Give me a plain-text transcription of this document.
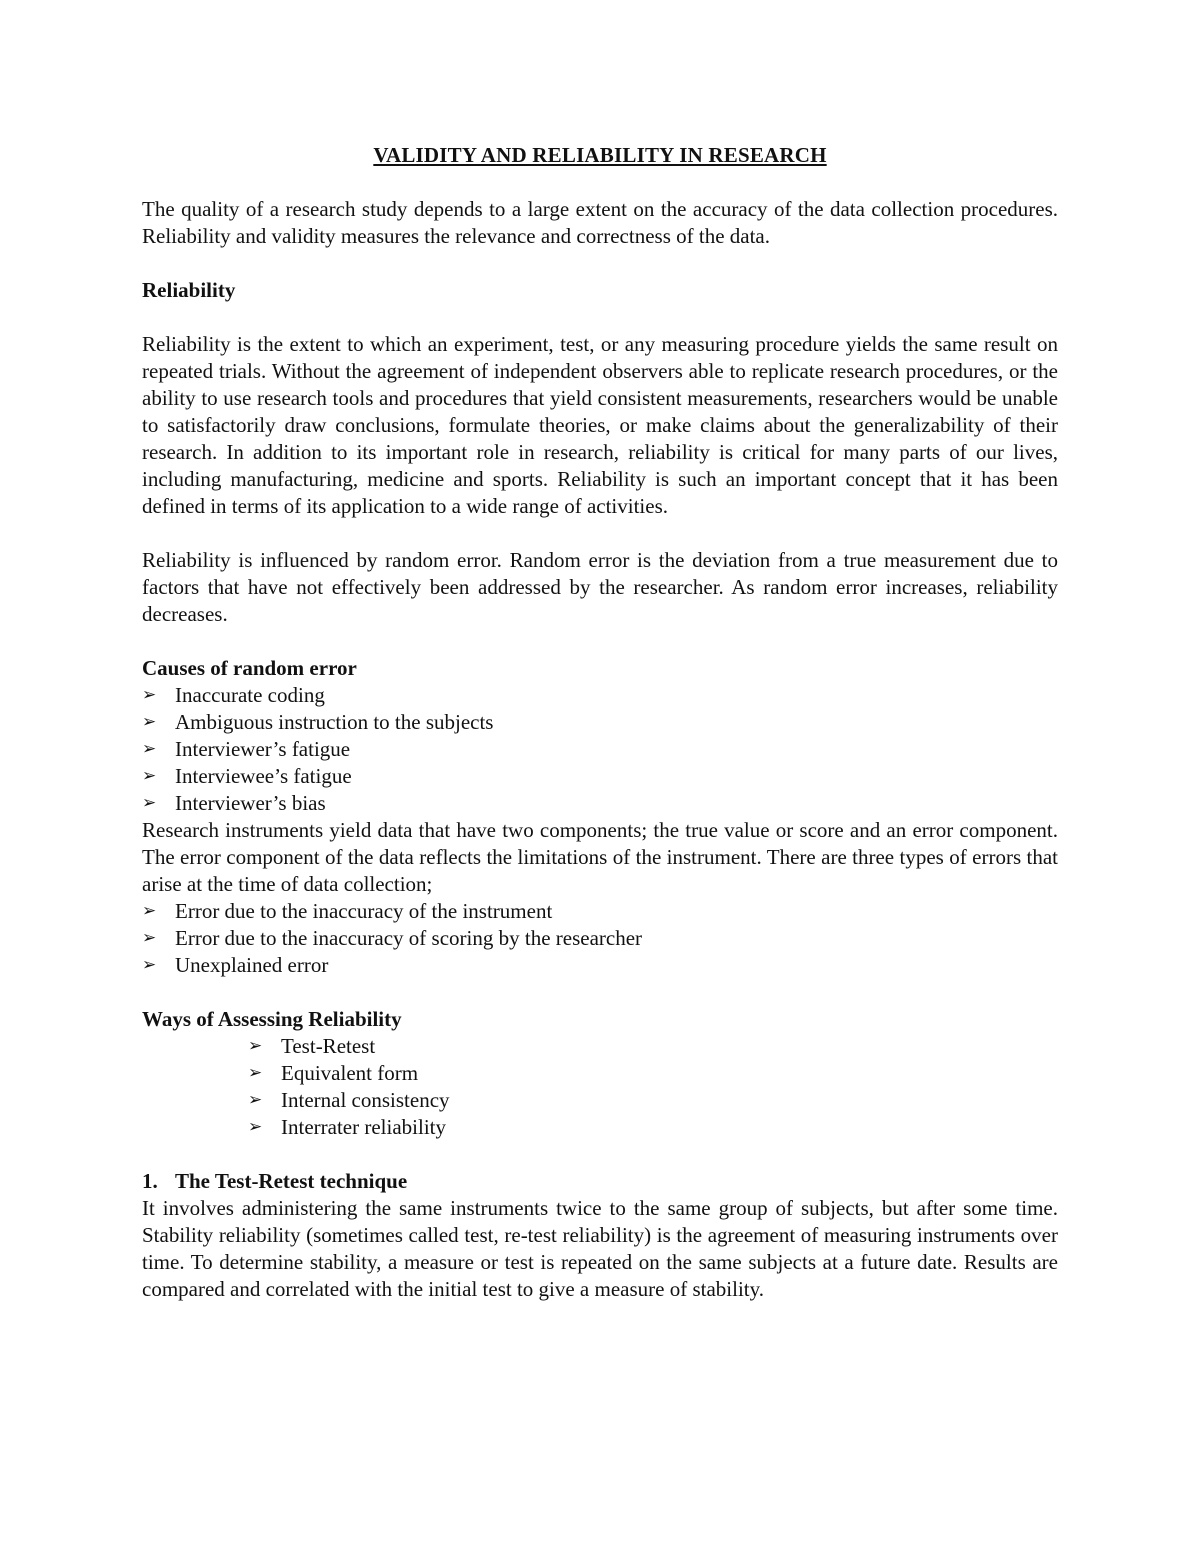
VALIDITY AND RELIABILITY IN RESEARCH

The quality of a research study depends to a large extent on the accuracy of the data collection procedures. Reliability and validity measures the relevance and correctness of the data.

Reliability

Reliability is the extent to which an experiment, test, or any measuring procedure yields the same result on repeated trials. Without the agreement of independent observers able to replicate research procedures, or the ability to use research tools and procedures that yield consistent measurements, researchers would be unable to satisfactorily draw conclusions, formulate theories, or make claims about the generalizability of their research. In addition to its important role in research, reliability is critical for many parts of our lives, including manufacturing, medicine and sports. Reliability is such an important concept that it has been defined in terms of its application to a wide range of activities.

Reliability is influenced by random error. Random error is the deviation from a true measurement due to factors that have not effectively been addressed by the researcher. As random error increases, reliability decreases.

Causes of random error
➢ Inaccurate coding
➢ Ambiguous instruction to the subjects
➢ Interviewer’s fatigue
➢ Interviewee’s fatigue
➢ Interviewer’s bias

Research instruments yield data that have two components; the true value or score and an error component. The error component of the data reflects the limitations of the instrument. There are three types of errors that arise at the time of data collection;

➢ Error due to the inaccuracy of the instrument
➢ Error due to the inaccuracy of scoring by the researcher
➢ Unexplained error
Ways of Assessing Reliability
➢ Test-Retest
➢ Equivalent form
➢ Internal consistency
➢ Interrater reliability
1. The Test-Retest technique

It involves administering the same instruments twice to the same group of subjects, but after some time. Stability reliability (sometimes called test, re-test reliability) is the agreement of measuring instruments over time. To determine stability, a measure or test is repeated on the same subjects at a future date. Results are compared and correlated with the initial test to give a measure of stability.
